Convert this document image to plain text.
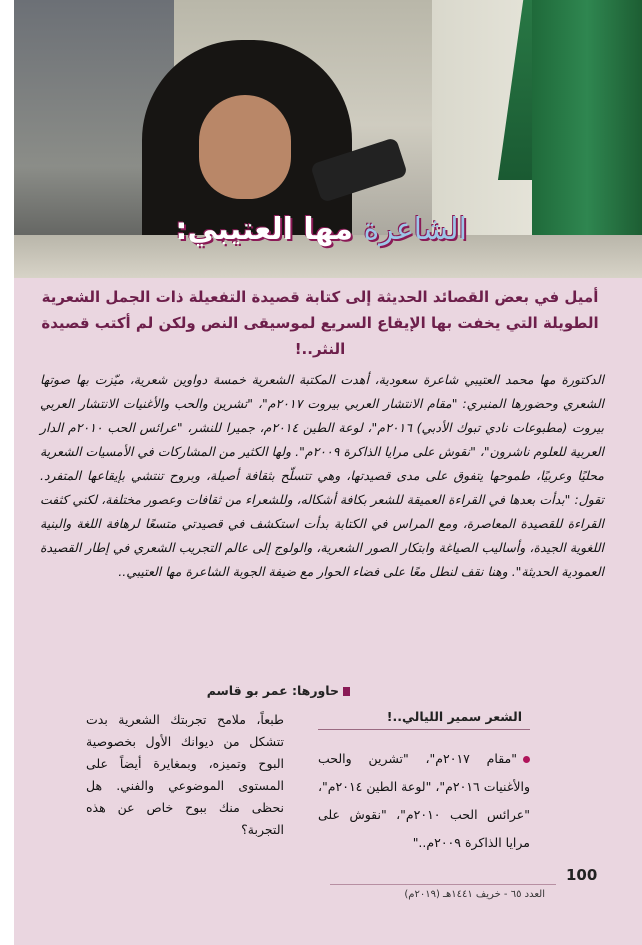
الشاعرة مها العتيبي:

أميل في بعض القصائد الحديثة إلى كتابة قصيدة التفعيلة ذات الجمل الشعرية الطويلة التي يخفت بها الإيقاع السريع لموسيقى النص ولكن لم أكتب قصيدة النثر..!

الدكتورة مها محمد العتيبي شاعرة سعودية، أهدت المكتبة الشعرية خمسة دواوين شعرية، ميّزت بها صوتها الشعري وحضورها المنبري: "مقام الانتشار العربي بيروت ٢٠١٧م"، "تشرين والحب والأغنيات الانتشار العربي بيروت (مطبوعات نادي تبوك الأدبي) ٢٠١٦م"، لوعة الطين ٢٠١٤م، جميرا للنشر، "عرائس الحب ٢٠١٠م الدار العربية للعلوم ناشرون"، "نقوش على مرايا الذاكرة ٢٠٠٩م". ولها الكثير من المشاركات في الأمسيات الشعرية محليًا وعربيًا، طموحها يتفوق على مدى قصيدتها، وهي تتسلّح بثقافة أصيلة، وبروح تنتشي بإيقاعها المتفرد. تقول: "بدأت بعدها في القراءة العميقة للشعر بكافة أشكاله، وللشعراء من ثقافات وعصور مختلفة، لكني كثفت القراءة للقصيدة المعاصرة، ومع المراس في الكتابة بدأت استكشف في قصيدتي متسعًا لرهافة اللغة والبنية اللغوية الجيدة، وأساليب الصياغة وابتكار الصور الشعرية، والولوج إلى عالم التجريب الشعري في إطار القصيدة العمودية الحديثة". وهنا نقف لنطل معًا على فضاء الحوار مع ضيفة الجوبة الشاعرة مها العتيبي..

حاورها: عمر بو قاسم

الشعر سمير الليالي..!

"مقام ٢٠١٧م"، "تشرين والحب والأغنيات ٢٠١٦م"، "لوعة الطين ٢٠١٤م"، "عرائس الحب ٢٠١٠م"، "نقوش على مرايا الذاكرة ٢٠٠٩م.."

طبعاً، ملامح تجربتك الشعرية بدت تتشكل من ديوانك الأول بخصوصية البوح وتميزه، وبمغايرة أيضاً على المستوى الموضوعي والفني. هل نحظى منك ببوح خاص عن هذه التجربة؟

100

العدد ٦٥ - خريف ١٤٤١هـ (٢٠١٩م)
